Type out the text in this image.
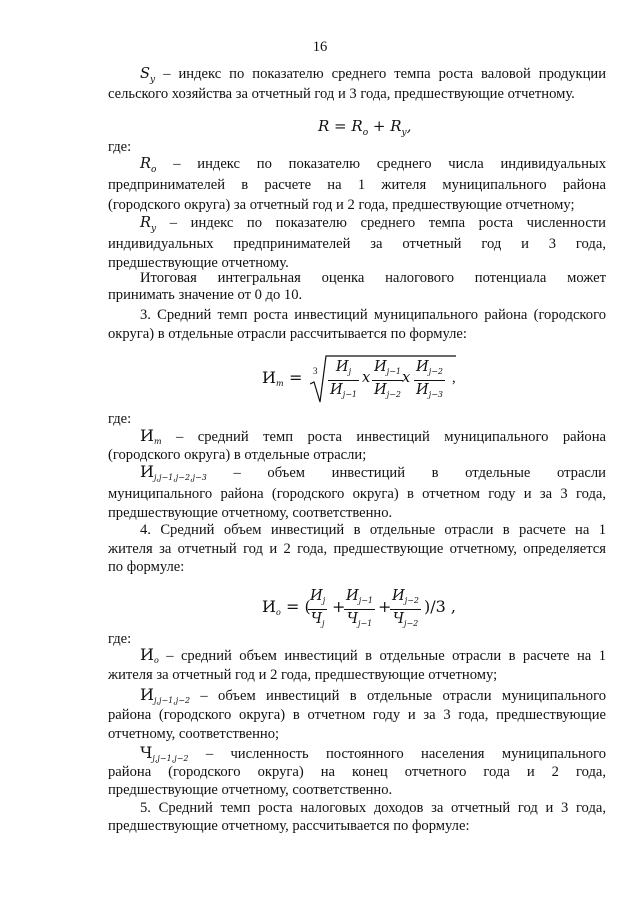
16
$S_у$ – индекс по показателю среднего темпа роста валовой продукции
сельского хозяйства за отчетный год и 3 года, предшествующие отчетному.
$R = R_o + R_у$,
где:
$R_o$ – индекс по показателю среднего числа индивидуальных
предпринимателей в расчете на 1 жителя муниципального района
(городского округа) за отчетный год и 2 года, предшествующие отчетному;
$R_у$ – индекс по показателю среднего темпа роста численности
индивидуальных предпринимателей за отчетный год и 3 года,
предшествующие отчетному.
Итоговая интегральная оценка налогового потенциала может
принимать значение от 0 до 10.
3. Средний темп роста инвестиций муниципального района (городского
округа) в отдельные отрасли рассчитывается по формуле:
Ит = 3	$И_j$
$И_{j-1}$
x
$И_{j-1}$
$И_{j-2}$
x
$И_{j-2}$
$И_{j-3}$
,
где:
Ит – средний темп роста инвестиций муниципального района
(городского округа) в отдельные отрасли;
Иj,j−1,j−2,j−3 – объем инвестиций в отдельные отрасли
муниципального района (городского округа) в отчетном году и за 3 года,
предшествующие отчетному, соответственно.
4. Средний объем инвестиций в отдельные отрасли в расчете на 1
жителя за отчетный год и 2 года, предшествующие отчетному, определяется
по формуле:
Ио = (
$И_j$
$Ч_j$
+
$И_{j-1}$
$Ч_{j-1}$
+
$И_{j-2}$
$Ч_{j-2}$
)/3 ,
где:
Ио – средний объем инвестиций в отдельные отрасли в расчете на 1
жителя за отчетный год и 2 года, предшествующие отчетному;
Иj,j−1,j−2 – объем инвестиций в отдельные отрасли муниципального
района (городского округа) в отчетном году и за 3 года, предшествующие
отчетному, соответственно;
Чj,j−1,j−2 – численность постоянного населения муниципального
района (городского округа) на конец отчетного года и 2 года,
предшествующие отчетному, соответственно.
5. Средний темп роста налоговых доходов за отчетный год и 3 года,
предшествующие отчетному, рассчитывается по формуле:
